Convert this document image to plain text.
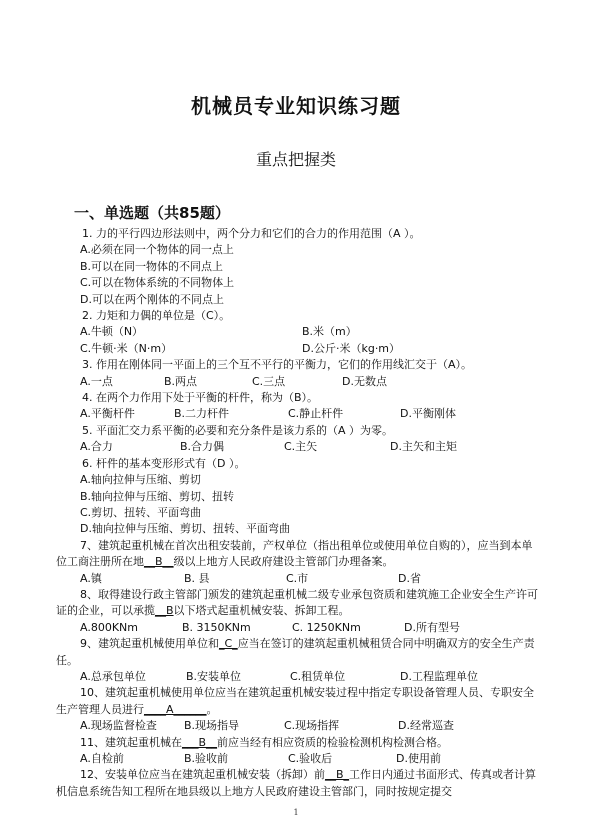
机械员专业知识练习题
重点把握类
一、单选题（共85题）
1. 力的平行四边形法则中，两个分力和它们的合力的作用范围（A ）。
A.必须在同一个物体的同一点上
B.可以在同一物体的不同点上
C.可以在物体系统的不同物体上
D.可以在两个刚体的不同点上
2. 力矩和力偶的单位是（C）。
A.牛顿（N）	B.米（m）
C.牛顿·米（N·m）	D.公斤·米（kg·m）
3. 作用在刚体同一平面上的三个互不平行的平衡力，它们的作用线汇交于（A）。
A.一点	B.两点	C.三点	D.无数点
4. 在两个力作用下处于平衡的杆件，称为（B）。
A.平衡杆件	B.二力杆件	C.静止杆件	D.平衡刚体
5. 平面汇交力系平衡的必要和充分条件是该力系的（A ）为零。
A.合力	B.合力偶	C.主矢	D.主矢和主矩
6. 杆件的基本变形形式有（D ）。
A.轴向拉伸与压缩、剪切
B.轴向拉伸与压缩、剪切、扭转
C.剪切、扭转、平面弯曲
D.轴向拉伸与压缩、剪切、扭转、平面弯曲
7、建筑起重机械在首次出租安装前，产权单位（指出租单位或使用单位自购的），应当到本单位工商注册所在地__B__级以上地方人民政府建设主管部门办理备案。
A.镇	B. 县	C.市	D.省
8、取得建设行政主管部门颁发的建筑起重机械二级专业承包资质和建筑施工企业安全生产许可证的企业，可以承揽__B以下塔式起重机械安装、拆卸工程。
A.800KNm	B. 3150KNm	C. 1250KNm	D.所有型号
9、建筑起重机械使用单位和_C_应当在签订的建筑起重机械租赁合同中明确双方的安全生产责任。
A.总承包单位	B.安装单位	C.租赁单位	D.工程监理单位
10、建筑起重机械使用单位应当在建筑起重机械安装过程中指定专职设备管理人员、专职安全生产管理人员进行____A______。
A.现场监督检查	B.现场指导	C.现场指挥	D.经常巡查
11、建筑起重机械在___B__前应当经有相应资质的检验检测机构检测合格。
A.自检前	B.验收前	C.验收后	D.使用前
12、安装单位应当在建筑起重机械安装（拆卸）前__B_工作日内通过书面形式、传真或者计算机信息系统告知工程所在地县级以上地方人民政府建设主管部门，同时按规定提交
1
